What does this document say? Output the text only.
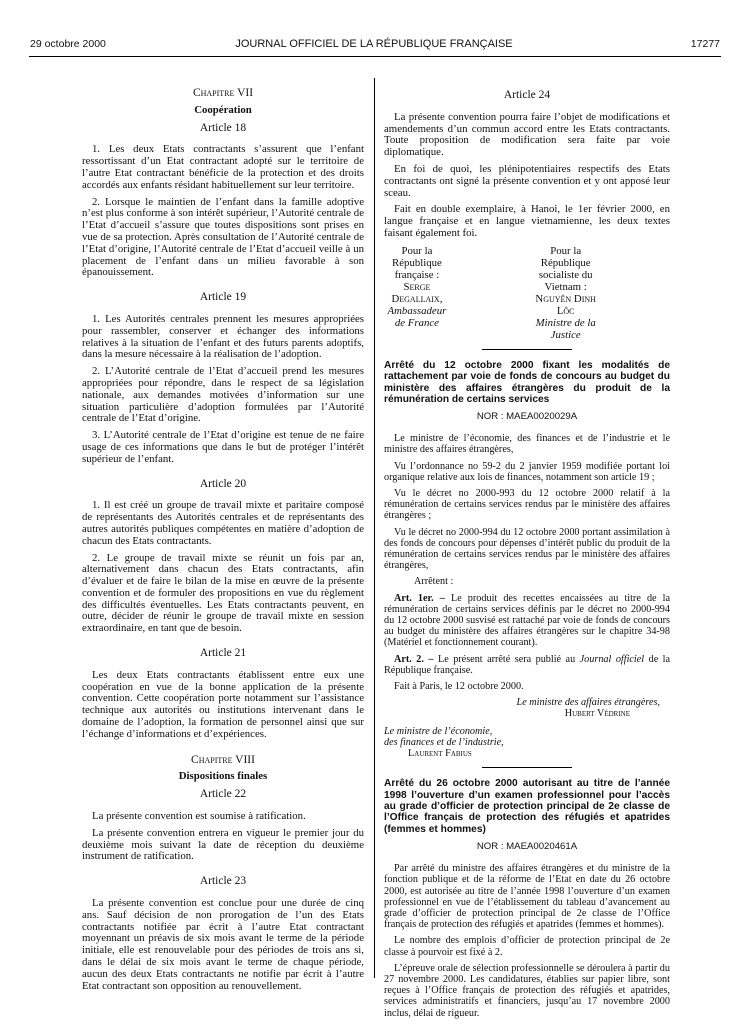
29 octobre 2000	JOURNAL OFFICIEL DE LA RÉPUBLIQUE FRANÇAISE	17277
Chapitre VII
Coopération
Article 18

1. Les deux Etats contractants s’assurent que l’enfant ressortissant d’un Etat contractant adopté sur le territoire de l’autre Etat contractant bénéficie de la protection et des droits accordés aux enfants résidant habituellement sur leur territoire.

2. Lorsque le maintien de l’enfant dans la famille adoptive n’est plus conforme à son intérêt supérieur, l’Autorité centrale de l’Etat d’accueil s’assure que toutes dispositions sont prises en vue de sa protection. Après consultation de l’Autorité centrale de l’Etat d’origine, l’Autorité centrale de l’Etat d’accueil veille à un placement de l’enfant dans un milieu favorable à son épanouissement.

Article 19

1. Les Autorités centrales prennent les mesures appropriées pour rassembler, conserver et échanger des informations relatives à la situation de l’enfant et des futurs parents adoptifs, dans la mesure nécessaire à la réalisation de l’adoption.

2. L’Autorité centrale de l’Etat d’accueil prend les mesures appropriées pour répondre, dans le respect de sa législation nationale, aux demandes motivées d’information sur une situation particulière d’adoption formulées par l’Autorité centrale de l’Etat d’origine.

3. L’Autorité centrale de l’Etat d’origine est tenue de ne faire usage de ces informations que dans le but de protéger l’intérêt supérieur de l’enfant.

Article 20

1. Il est créé un groupe de travail mixte et paritaire composé de représentants des Autorités centrales et de représentants des autres autorités publiques compétentes en matière d’adoption de chacun des Etats contractants.

2. Le groupe de travail mixte se réunit un fois par an, alternativement dans chacun des Etats contractants, afin d’évaluer et de faire le bilan de la mise en œuvre de la présente convention et de formuler des propositions en vue du règlement des difficultés éventuelles. Les Etats contractants peuvent, en outre, décider de réunir le groupe de travail mixte en session extraordinaire, en tant que de besoin.

Article 21

Les deux Etats contractants établissent entre eux une coopération en vue de la bonne application de la présente convention. Cette coopération porte notamment sur l’assistance technique aux autorités ou institutions intervenant dans le domaine de l’adoption, la formation de personnel ainsi que sur l’échange d’informations et d’expériences.

Chapitre VIII
Dispositions finales
Article 22

La présente convention est soumise à ratification.

La présente convention entrera en vigueur le premier jour du deuxième mois suivant la date de réception du deuxième instrument de ratification.

Article 23

La présente convention est conclue pour une durée de cinq ans. Sauf décision de non prorogation de l’un des Etats contractants notifiée par écrit à l’autre Etat contractant moyennant un préavis de six mois avant le terme de la période initiale, elle est renouvelable pour des périodes de trois ans si, dans le délai de six mois avant le terme de chaque période, aucun des deux Etats contractants ne notifie par écrit à l’autre Etat contractant son opposition au renouvellement.

Article 24

La présente convention pourra faire l’objet de modifications et amendements d’un commun accord entre les Etats contractants. Toute proposition de modification sera faite par voie diplomatique.

En foi de quoi, les plénipotentiaires respectifs des Etats contractants ont signé la présente convention et y ont apposé leur sceau.

Fait en double exemplaire, à Hanoi, le 1er février 2000, en langue française et en langue vietnamienne, les deux textes faisant également foi.

Pour la République française :
Serge Degallaix,
Ambassadeur de France
Pour la République socialiste du Vietnam :
Nguyên Dinh Lôc
Ministre de la Justice
Arrêté du 12 octobre 2000 fixant les modalités de rattachement par voie de fonds de concours au budget du ministère des affaires étrangères du produit de la rémunération de certains services
NOR : MAEA0020029A

Le ministre de l’économie, des finances et de l’industrie et le ministre des affaires étrangères,

Vu l’ordonnance no 59-2 du 2 janvier 1959 modifiée portant loi organique relative aux lois de finances, notamment son article 19 ;

Vu le décret no 2000-993 du 12 octobre 2000 relatif à la rémunération de certains services rendus par le ministère des affaires étrangères ;

Vu le décret no 2000-994 du 12 octobre 2000 portant assimilation à des fonds de concours pour dépenses d’intérêt public du produit de la rémunération de certains services rendus par le ministère des affaires étrangères,

Arrêtent :

Art. 1er. – Le produit des recettes encaissées au titre de la rémunération de certains services définis par le décret no 2000-994 du 12 octobre 2000 susvisé est rattaché par voie de fonds de concours au budget du ministère des affaires étrangères sur le chapitre 34-98 (Matériel et fonctionnement courant).

Art. 2. – Le présent arrêté sera publié au Journal officiel de la République française.

Fait à Paris, le 12 octobre 2000.

Le ministre des affaires étrangères,

Hubert Védrine

Le ministre de l’économie,

des finances et de l’industrie,

Laurent Fabius

Arrêté du 26 octobre 2000 autorisant au titre de l’année 1998 l’ouverture d’un examen professionnel pour l’accès au grade d’officier de protection principal de 2e classe de l’Office français de protection des réfugiés et apatrides (femmes et hommes)
NOR : MAEA0020461A

Par arrêté du ministre des affaires étrangères et du ministre de la fonction publique et de la réforme de l’Etat en date du 26 octobre 2000, est autorisée au titre de l’année 1998 l’ouverture d’un examen professionnel en vue de l’établissement du tableau d’avancement au grade d’officier de protection principal de 2e classe de l’Office français de protection des réfugiés et apatrides (femmes et hommes).

Le nombre des emplois d’officier de protection principal de 2e classe à pourvoir est fixé à 2.

L’épreuve orale de sélection professionnelle se déroulera à partir du 27 novembre 2000. Les candidatures, établies sur papier libre, sont reçues à l’Office français de protection des réfugiés et apatrides, services administratifs et financiers, jusqu’au 17 novembre 2000 inclus, délai de rigueur.
